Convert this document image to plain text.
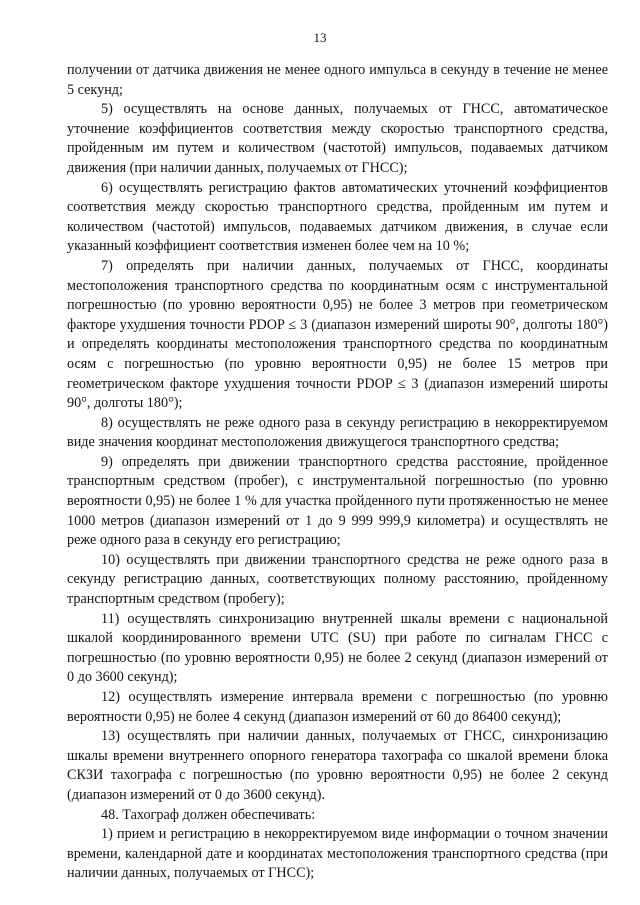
13

получении от датчика движения не менее одного импульса в секунду в течение не менее 5 секунд;

5) осуществлять на основе данных, получаемых от ГНСС, автоматическое уточнение коэффициентов соответствия между скоростью транспортного средства, пройденным им путем и количеством (частотой) импульсов, подаваемых датчиком движения (при наличии данных, получаемых от ГНСС);

6) осуществлять регистрацию фактов автоматических уточнений коэффициентов соответствия между скоростью транспортного средства, пройденным им путем и количеством (частотой) импульсов, подаваемых датчиком движения, в случае если указанный коэффициент соответствия изменен более чем на 10 %;

7) определять при наличии данных, получаемых от ГНСС, координаты местоположения транспортного средства по координатным осям с инструментальной погрешностью (по уровню вероятности 0,95) не более 3 метров при геометрическом факторе ухудшения точности PDOP ≤ 3 (диапазон измерений широты 90°, долготы 180°) и определять координаты местоположения транспортного средства по координатным осям с погрешностью (по уровню вероятности 0,95) не более 15 метров при геометрическом факторе ухудшения точности PDOP ≤ 3 (диапазон измерений широты 90°, долготы 180°);

8) осуществлять не реже одного раза в секунду регистрацию в некорректируемом виде значения координат местоположения движущегося транспортного средства;

9) определять при движении транспортного средства расстояние, пройденное транспортным средством (пробег), с инструментальной погрешностью (по уровню вероятности 0,95) не более 1 % для участка пройденного пути протяженностью не менее 1000 метров (диапазон измерений от 1 до 9 999 999,9 километра) и осуществлять не реже одного раза в секунду его регистрацию;

10) осуществлять при движении транспортного средства не реже одного раза в секунду регистрацию данных, соответствующих полному расстоянию, пройденному транспортным средством (пробегу);

11) осуществлять синхронизацию внутренней шкалы времени с национальной шкалой координированного времени UTC (SU) при работе по сигналам ГНСС с погрешностью (по уровню вероятности 0,95) не более 2 секунд (диапазон измерений от 0 до 3600 секунд);

12) осуществлять измерение интервала времени с погрешностью (по уровню вероятности 0,95) не более 4 секунд (диапазон измерений от 60 до 86400 секунд);

13) осуществлять при наличии данных, получаемых от ГНСС, синхронизацию шкалы времени внутреннего опорного генератора тахографа со шкалой времени блока СКЗИ тахографа с погрешностью (по уровню вероятности 0,95) не более 2 секунд (диапазон измерений от 0 до 3600 секунд).

48. Тахограф должен обеспечивать:

1) прием и регистрацию в некорректируемом виде информации о точном значении времени, календарной дате и координатах местоположения транспортного средства (при наличии данных, получаемых от ГНСС);
